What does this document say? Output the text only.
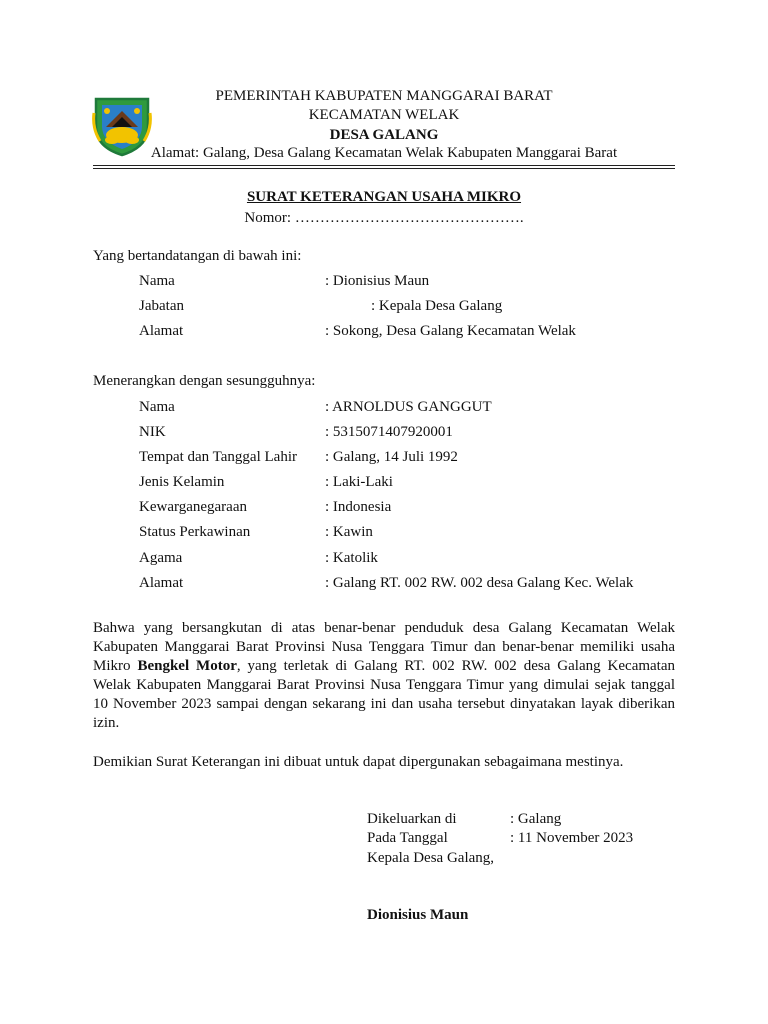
PEMERINTAH KABUPATEN MANGGARAI BARAT
KECAMATAN WELAK
DESA GALANG
Alamat: Galang, Desa Galang Kecamatan Welak Kabupaten Manggarai Barat
SURAT KETERANGAN USAHA MIKRO
Nomor: ……………………………………….
Yang bertandatangan di bawah ini:
Nama	: Dionisius Maun
Jabatan	: Kepala Desa Galang
Alamat	: Sokong, Desa Galang Kecamatan Welak
Menerangkan dengan sesungguhnya:
Nama	: ARNOLDUS GANGGUT
NIK	: 5315071407920001
Tempat dan Tanggal Lahir : Galang, 14 Juli 1992
Jenis Kelamin	: Laki-Laki
Kewarganegaraan	: Indonesia
Status Perkawinan	: Kawin
Agama	: Katolik
Alamat	: Galang RT. 002 RW. 002 desa Galang Kec. Welak
Bahwa yang bersangkutan di atas benar-benar penduduk desa Galang Kecamatan Welak Kabupaten Manggarai Barat Provinsi Nusa Tenggara Timur dan benar-benar memiliki usaha Mikro Bengkel Motor, yang terletak di Galang RT. 002 RW. 002 desa Galang Kecamatan Welak Kabupaten Manggarai Barat Provinsi Nusa Tenggara Timur yang dimulai sejak tanggal 10 November 2023 sampai dengan sekarang ini dan usaha tersebut dinyatakan layak diberikan izin.
Demikian Surat Keterangan ini dibuat untuk dapat dipergunakan sebagaimana mestinya.
Dikeluarkan di	: Galang
Pada Tanggal	: 11 November 2023
Kepala Desa Galang,
Dionisius Maun
